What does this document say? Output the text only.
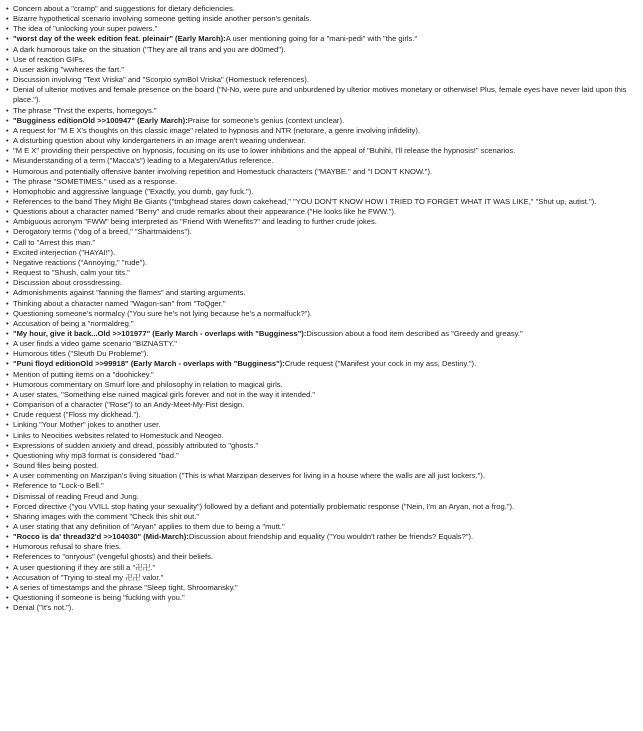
• Concern about a "cramp" and suggestions for dietary deficiencies.
• Bizarre hypothetical scenario involving someone getting inside another person's genitals.
• The idea of "unlocking your super powers."
• "worst day of the week edition feat. pleinair" (Early March):A user mentioning going for a "mani-pedi" with "the girls."
• A dark humorous take on the situation ("They are all trans and you are d00med").
• Use of reaction GIFs.
• A user asking "wwheres the fart."
• Discussion involving "Text Vriska" and "Scorpio symBol Vriska" (Homestuck references).
• Denial of ulterior motives and female presence on the board ("N-No, were pure and unburdened by ulterior motives monetary or otherwise! Plus, female eyes have never laid upon this place.").
• The phrase "Trvst the experts, homegoys."
• "Bugginess editionOld >>100947" (Early March):Praise for someone's genius (context unclear).
• A request for "M E X's thoughts on this classic image" related to hypnosis and NTR (netorare, a genre involving infidelity).
• A disturbing question about why kindergarteners in an image aren't wearing underwear.
• "M E X" providing their perspective on hypnosis, focusing on its use to lower inhibitions and the appeal of "Buhihi, I'll release the hypnosis!" scenarios.
• Misunderstanding of a term ("Macca's") leading to a Megaten/Atlus reference.
• Humorous and potentially offensive banter involving repetition and Homestuck characters ("MAYBE." and "I DON'T KNOW.").
• The phrase "SOMETIMES." used as a response.
• Homophobic and aggressive language ("Exactly, you dumb, gay fuck.").
• References to the band They Might Be Giants ("tmbghead stares down cakehead," "YOU DON'T KNOW HOW I TRIED TO FORGET WHAT IT WAS LIKE," "Shut up, autist.").
• Questions about a character named "Berry" and crude remarks about their appearance ("He looks like he FWW.").
• Ambiguous acronym "FWW" being interpreted as "Friend With Wenefits?" and leading to further crude jokes.
• Derogatory terms ("dog of a breed," "Shartmaidens").
• Call to "Arrest this man."
• Excited interjection ("HAYAI!").
• Negative reactions ("Annoying," "rude").
• Request to "Shush, calm your tits."
• Discussion about crossdressing.
• Admonishments against "fanning the flames" and starting arguments.
• Thinking about a character named "Wagon-san" from "ToQger."
• Questioning someone's normalcy ("You sure he's not lying because he's a normalfuck?").
• Accusation of being a "normaldreg."
• "My hour, give it back...Old >>101977" (Early March - overlaps with "Bugginess"):Discussion about a food item described as "Greedy and greasy."
• A user finds a video game scenario "BIZNASTY."
• Humorous titles ("Sleuth Du Probleme").
• "Puni floyd editionOld >>99918" (Early March - overlaps with "Bugginess"):Crude request ("Manifest your cock in my ass, Destiny.").
• Mention of putting items on a "doohickey."
• Humorous commentary on Smurf lore and philosophy in relation to magical girls.
• A user states, "Something else ruined magical girls forever and not in the way it intended."
• Comparison of a character ("Rose") to an Andy-Meet-My-Fist design.
• Crude request ("Floss my dickhead.").
• Linking "Your Mother" jokes to another user.
• Links to Neocities websites related to Homestuck and Neogeo.
• Expressions of sudden anxiety and dread, possibly attributed to "ghosts."
• Questioning why mp3 format is considered "bad."
• Sound files being posted.
• A user commenting on Marzipan's living situation ("This is what Marzipan deserves for living in a house where the walls are all just lockers.").
• Reference to "Lock-o Bell."
• Dismissal of reading Freud and Jung.
• Forced directive ("you VVILL stop hating your sexuality") followed by a defiant and potentially problematic response ("Nein, I'm an Aryan, not a frog.").
• Sharing images with the comment "Check this shit out."
• A user stating that any definition of "Aryan" applies to them due to being a "mutt."
• "Rocco is da' thread32'd >>104030" (Mid-March):Discussion about friendship and equality ("You wouldn't rather be friends? Equals?").
• Humorous refusal to share fries.
• References to "onryous" (vengeful ghosts) and their beliefs.
• A user questioning if they are still a "卍卍."
• Accusation of "Trying to steal my 卍卍 valor."
• A series of timestamps and the phrase "Sleep tight, Shroomansky."
• Questioning if someone is being "fucking with you."
• Denial ("It's not.").
